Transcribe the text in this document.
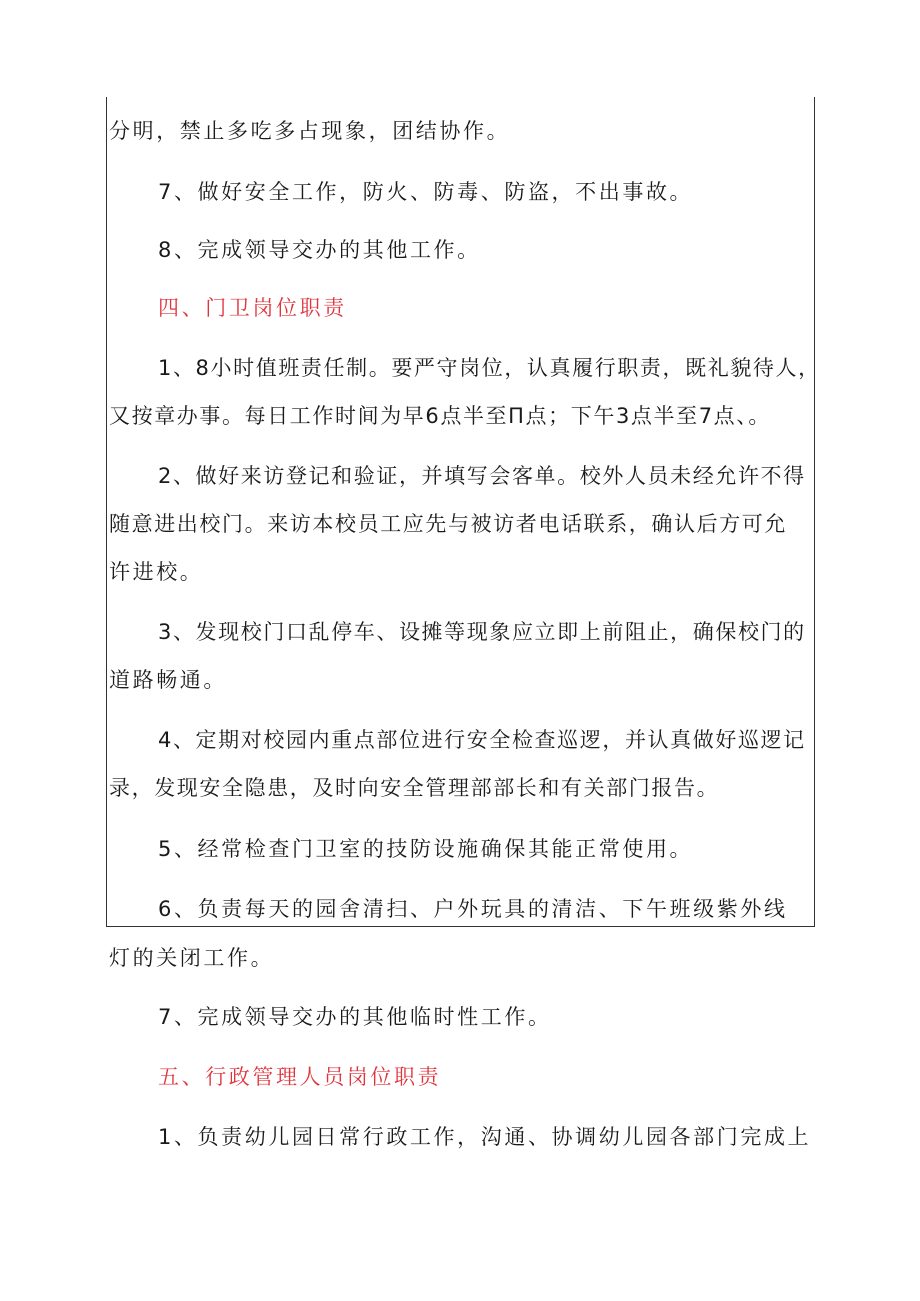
分明，禁止多吃多占现象，团结协作。
7、做好安全工作，防火、防毒、防盗，不出事故。
8、完成领导交办的其他工作。
四、门卫岗位职责
1、8小时值班责任制。要严守岗位，认真履行职责，既礼貌待人，
又按章办事。每日工作时间为早6点半至Π点；下午3点半至7点、。
2、做好来访登记和验证，并填写会客单。校外人员未经允许不得
随意进出校门。来访本校员工应先与被访者电话联系，确认后方可允
许进校。
3、发现校门口乱停车、设摊等现象应立即上前阻止，确保校门的
道路畅通。
4、定期对校园内重点部位进行安全检查巡逻，并认真做好巡逻记
录，发现安全隐患，及时向安全管理部部长和有关部门报告。
5、经常检查门卫室的技防设施确保其能正常使用。
6、负责每天的园舍清扫、户外玩具的清洁、下午班级紫外线
灯的关闭工作。
7、完成领导交办的其他临时性工作。
五、行政管理人员岗位职责
1、负责幼儿园日常行政工作，沟通、协调幼儿园各部门完成上
